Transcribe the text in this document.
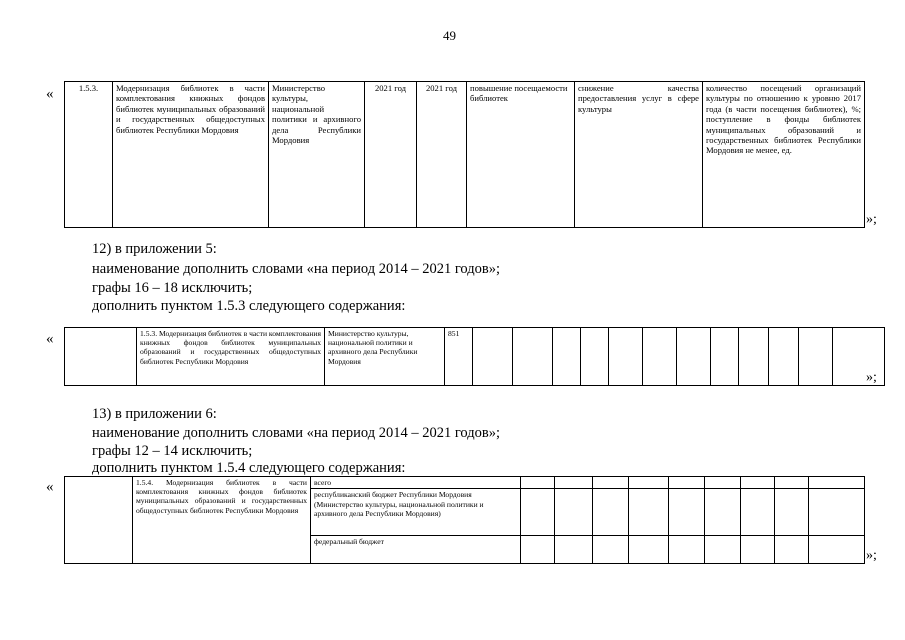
49
«	1.5.3.	Модернизация библиотек в части комплектования книжных фондов библиотек муниципальных образований и государственных общедоступных библиотек Республики Мордовия	Министерство культуры, национальной политики и архивного дела Республики Мордовия	2021 год	2021 год	повышение посещаемости библиотек	снижение качества предоставления услуг в сфере культуры	количество посещений организаций культуры по отношению к уровню 2017 года (в части посещения библиотек), %; поступление в фонды библиотек муниципальных образований и государственных библиотек Республики Мордовия не менее, ед.
»;
12) в приложении 5:
наименование дополнить словами «на период 2014 – 2021 годов»;
графы 16 – 18 исключить;
дополнить пунктом 1.5.3 следующего содержания:
«
		1.5.3. Модернизация библиотек в части комплектования книжных фондов библиотек муниципальных образований и государственных общедоступных библиотек Республики Мордовия	Министерство культуры, национальной политики и архивного дела Республики Мордовия	851												
»;
13) в приложении 6:
наименование дополнить словами «на период 2014 – 2021 годов»;
графы 12 – 14 исключить;
дополнить пунктом 1.5.4 следующего содержания:
«
		1.5.4. Модернизация библиотек в части комплектования книжных фондов библиотек муниципальных образований и государственных общедоступных библиотек Республики Мордовия	всего									
		республиканский бюджет Республики Мордовия (Министерство культуры, национальной политики и архивного дела Республики Мордовия)									
		федеральный бюджет									
»;
